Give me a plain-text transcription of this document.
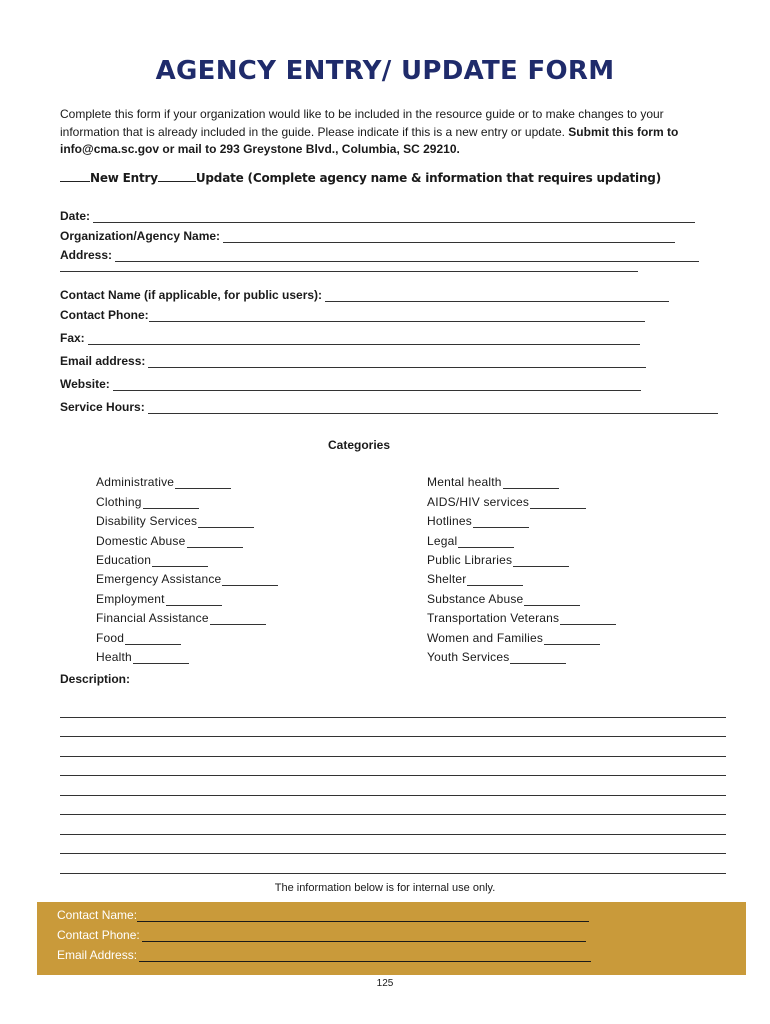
AGENCY ENTRY/ UPDATE FORM
Complete this form if your organization would like to be included in the resource guide or to make changes to your information that is already included in the guide. Please indicate if this is a new entry or update. Submit this form to info@cma.sc.gov or mail to 293 Greystone Blvd., Columbia, SC 29210.
New Entry	Update (Complete agency name & information that requires updating)
Date:
Organization/Agency Name:
Address:
Contact Name (if applicable, for public users):
Contact Phone:
Fax:
Email address:
Website:
Service Hours:
Categories
Administrative
Clothing
Disability Services
Domestic Abuse
Education
Emergency Assistance
Employment
Financial Assistance
Food
Health
Mental health
AIDS/HIV services
Hotlines
Legal
Public Libraries
Shelter
Substance Abuse
Transportation Veterans
Women and Families
Youth Services
Description:
The information below is for internal use only.
Contact Name:
Contact Phone:
Email Address:
125
